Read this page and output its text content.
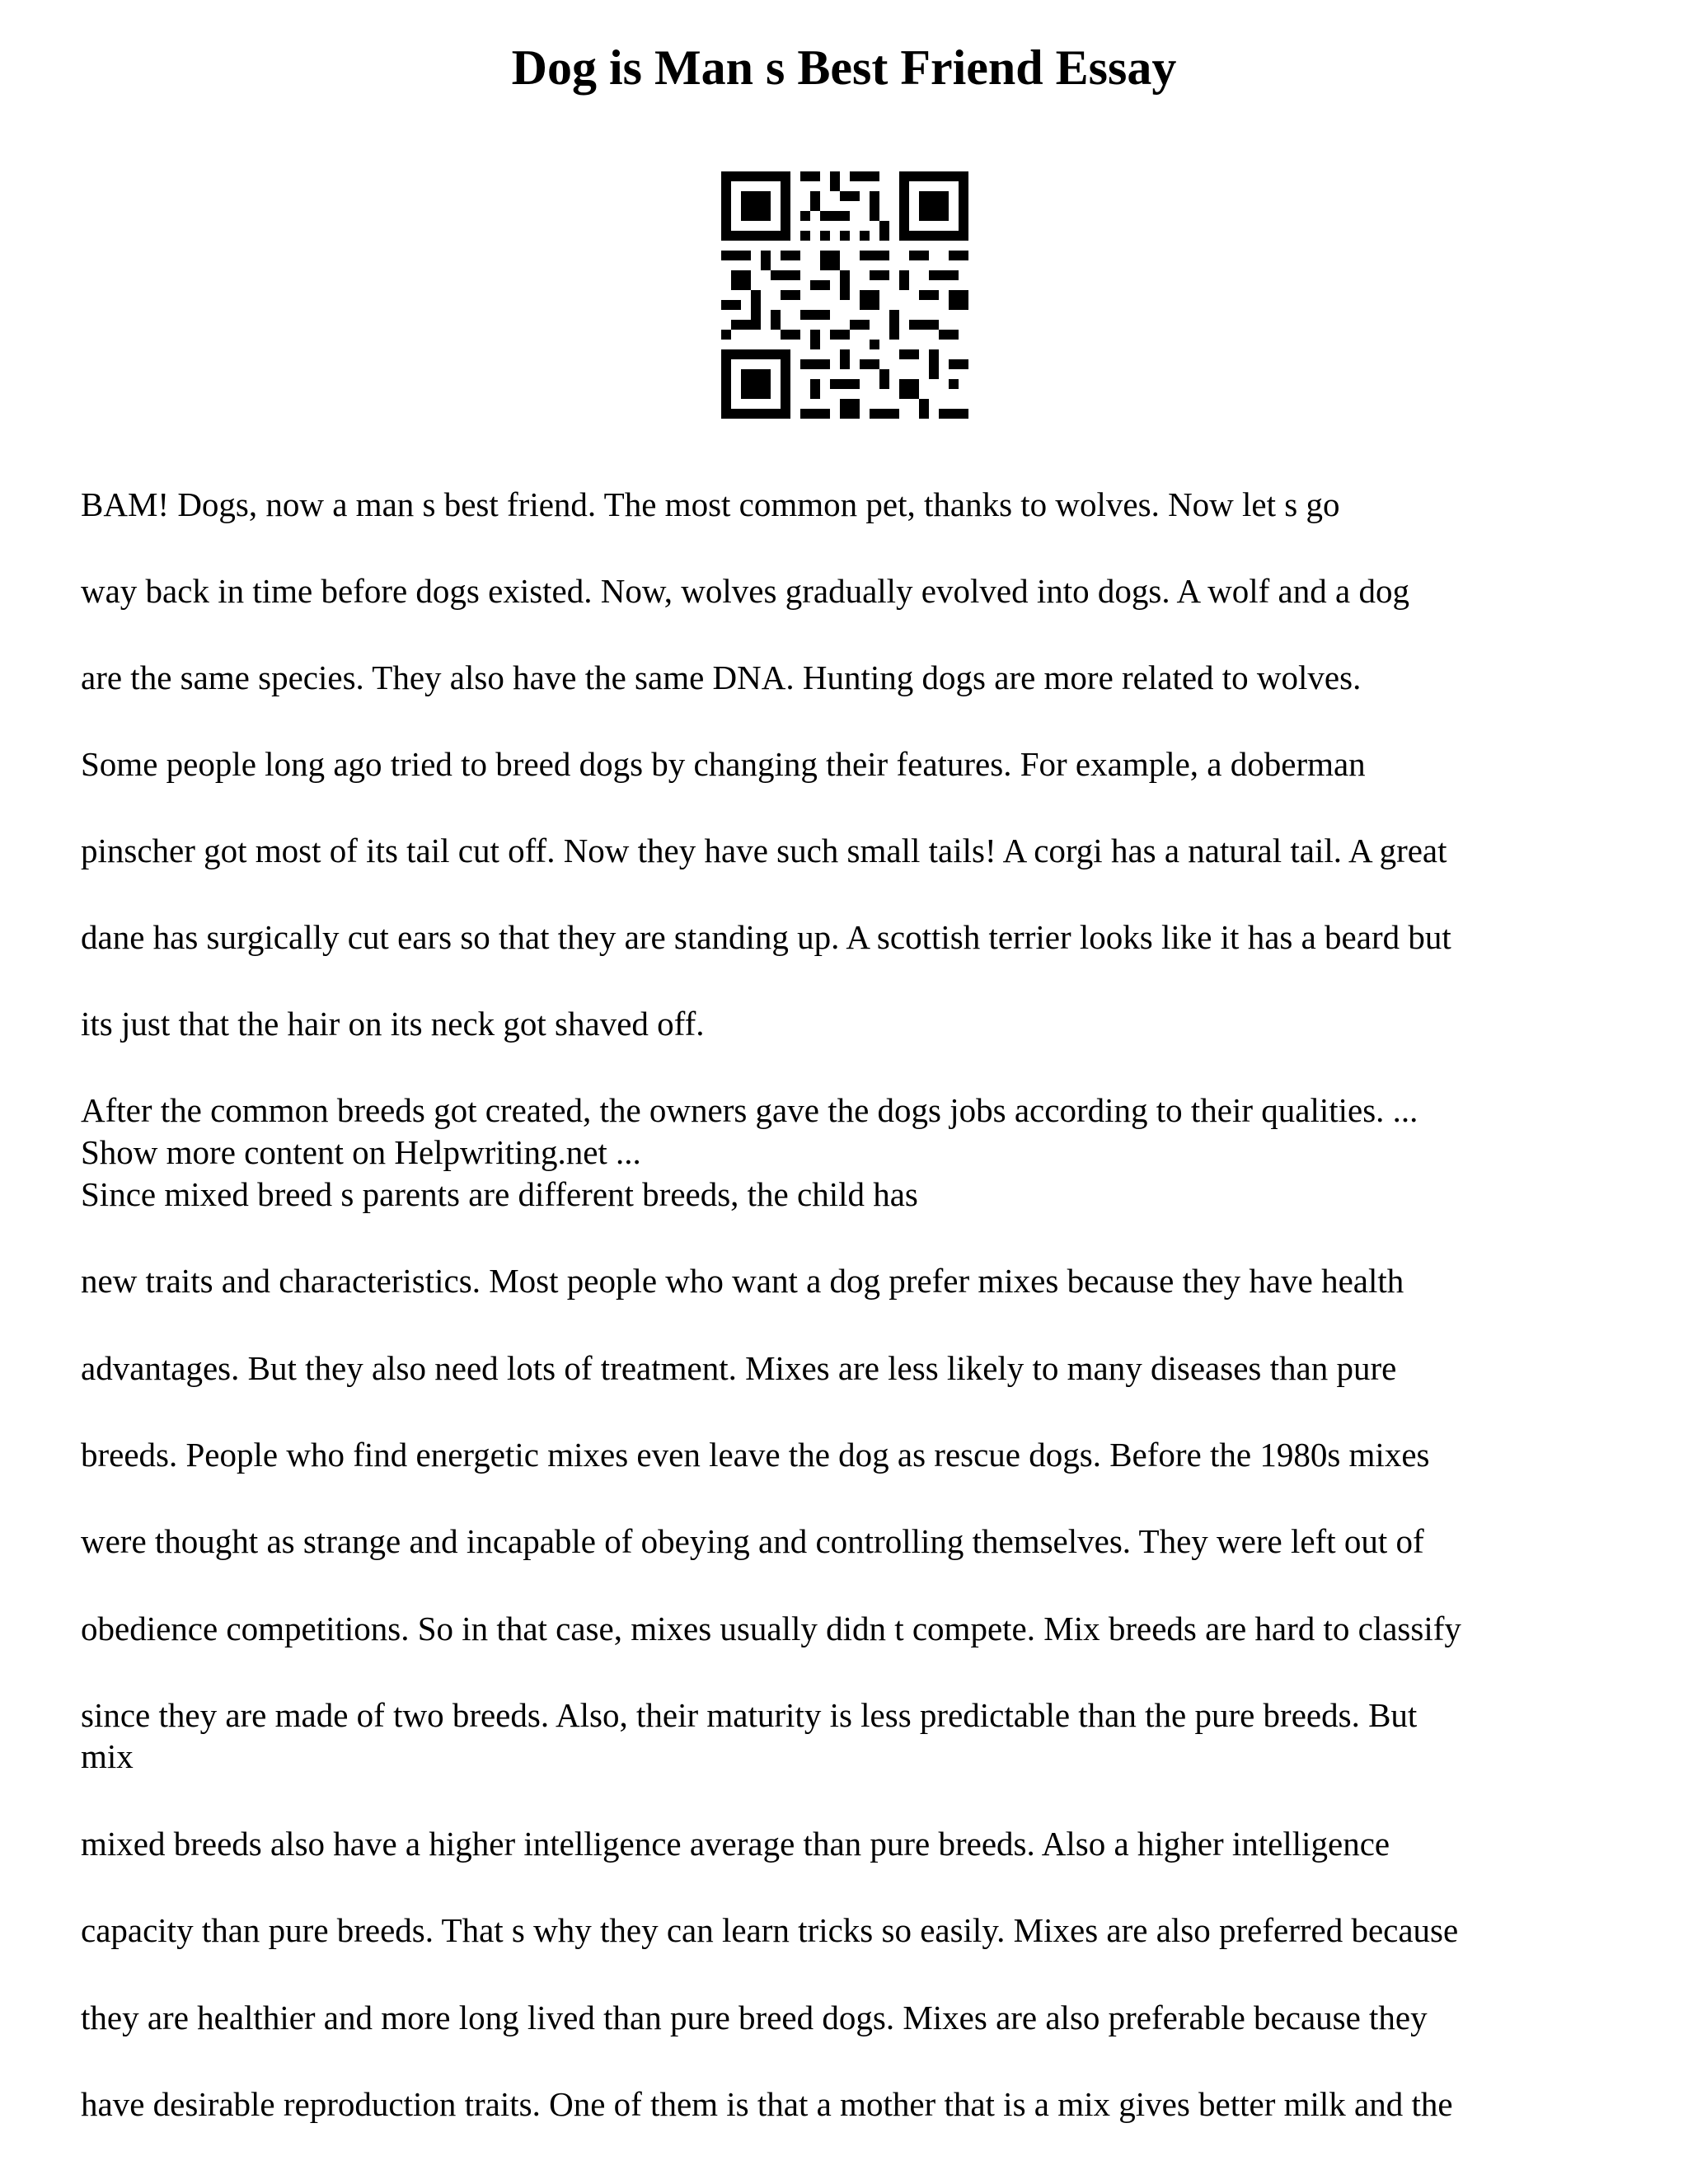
Dog is Man s Best Friend Essay
BAM! Dogs, now a man s best friend. The most common pet, thanks to wolves. Now let s go
way back in time before dogs existed. Now, wolves gradually evolved into dogs. A wolf and a dog
are the same species. They also have the same DNA. Hunting dogs are more related to wolves.
Some people long ago tried to breed dogs by changing their features. For example, a doberman
pinscher got most of its tail cut off. Now they have such small tails! A corgi has a natural tail. A great
dane has surgically cut ears so that they are standing up. A scottish terrier looks like it has a beard but
its just that the hair on its neck got shaved off.
After the common breeds got created, the owners gave the dogs jobs according to their qualities. ...
Show more content on Helpwriting.net ...
Since mixed breed s parents are different breeds, the child has
new traits and characteristics. Most people who want a dog prefer mixes because they have health
advantages. But they also need lots of treatment. Mixes are less likely to many diseases than pure
breeds. People who find energetic mixes even leave the dog as rescue dogs. Before the 1980s mixes
were thought as strange and incapable of obeying and controlling themselves. They were left out of
obedience competitions. So in that case, mixes usually didn t compete. Mix breeds are hard to classify
since they are made of two breeds. Also, their maturity is less predictable than the pure breeds. But
mix
mixed breeds also have a higher intelligence average than pure breeds. Also a higher intelligence
capacity than pure breeds. That s why they can learn tricks so easily. Mixes are also preferred because
they are healthier and more long lived than pure breed dogs. Mixes are also preferable because they
have desirable reproduction traits. One of them is that a mother that is a mix gives better milk and the
